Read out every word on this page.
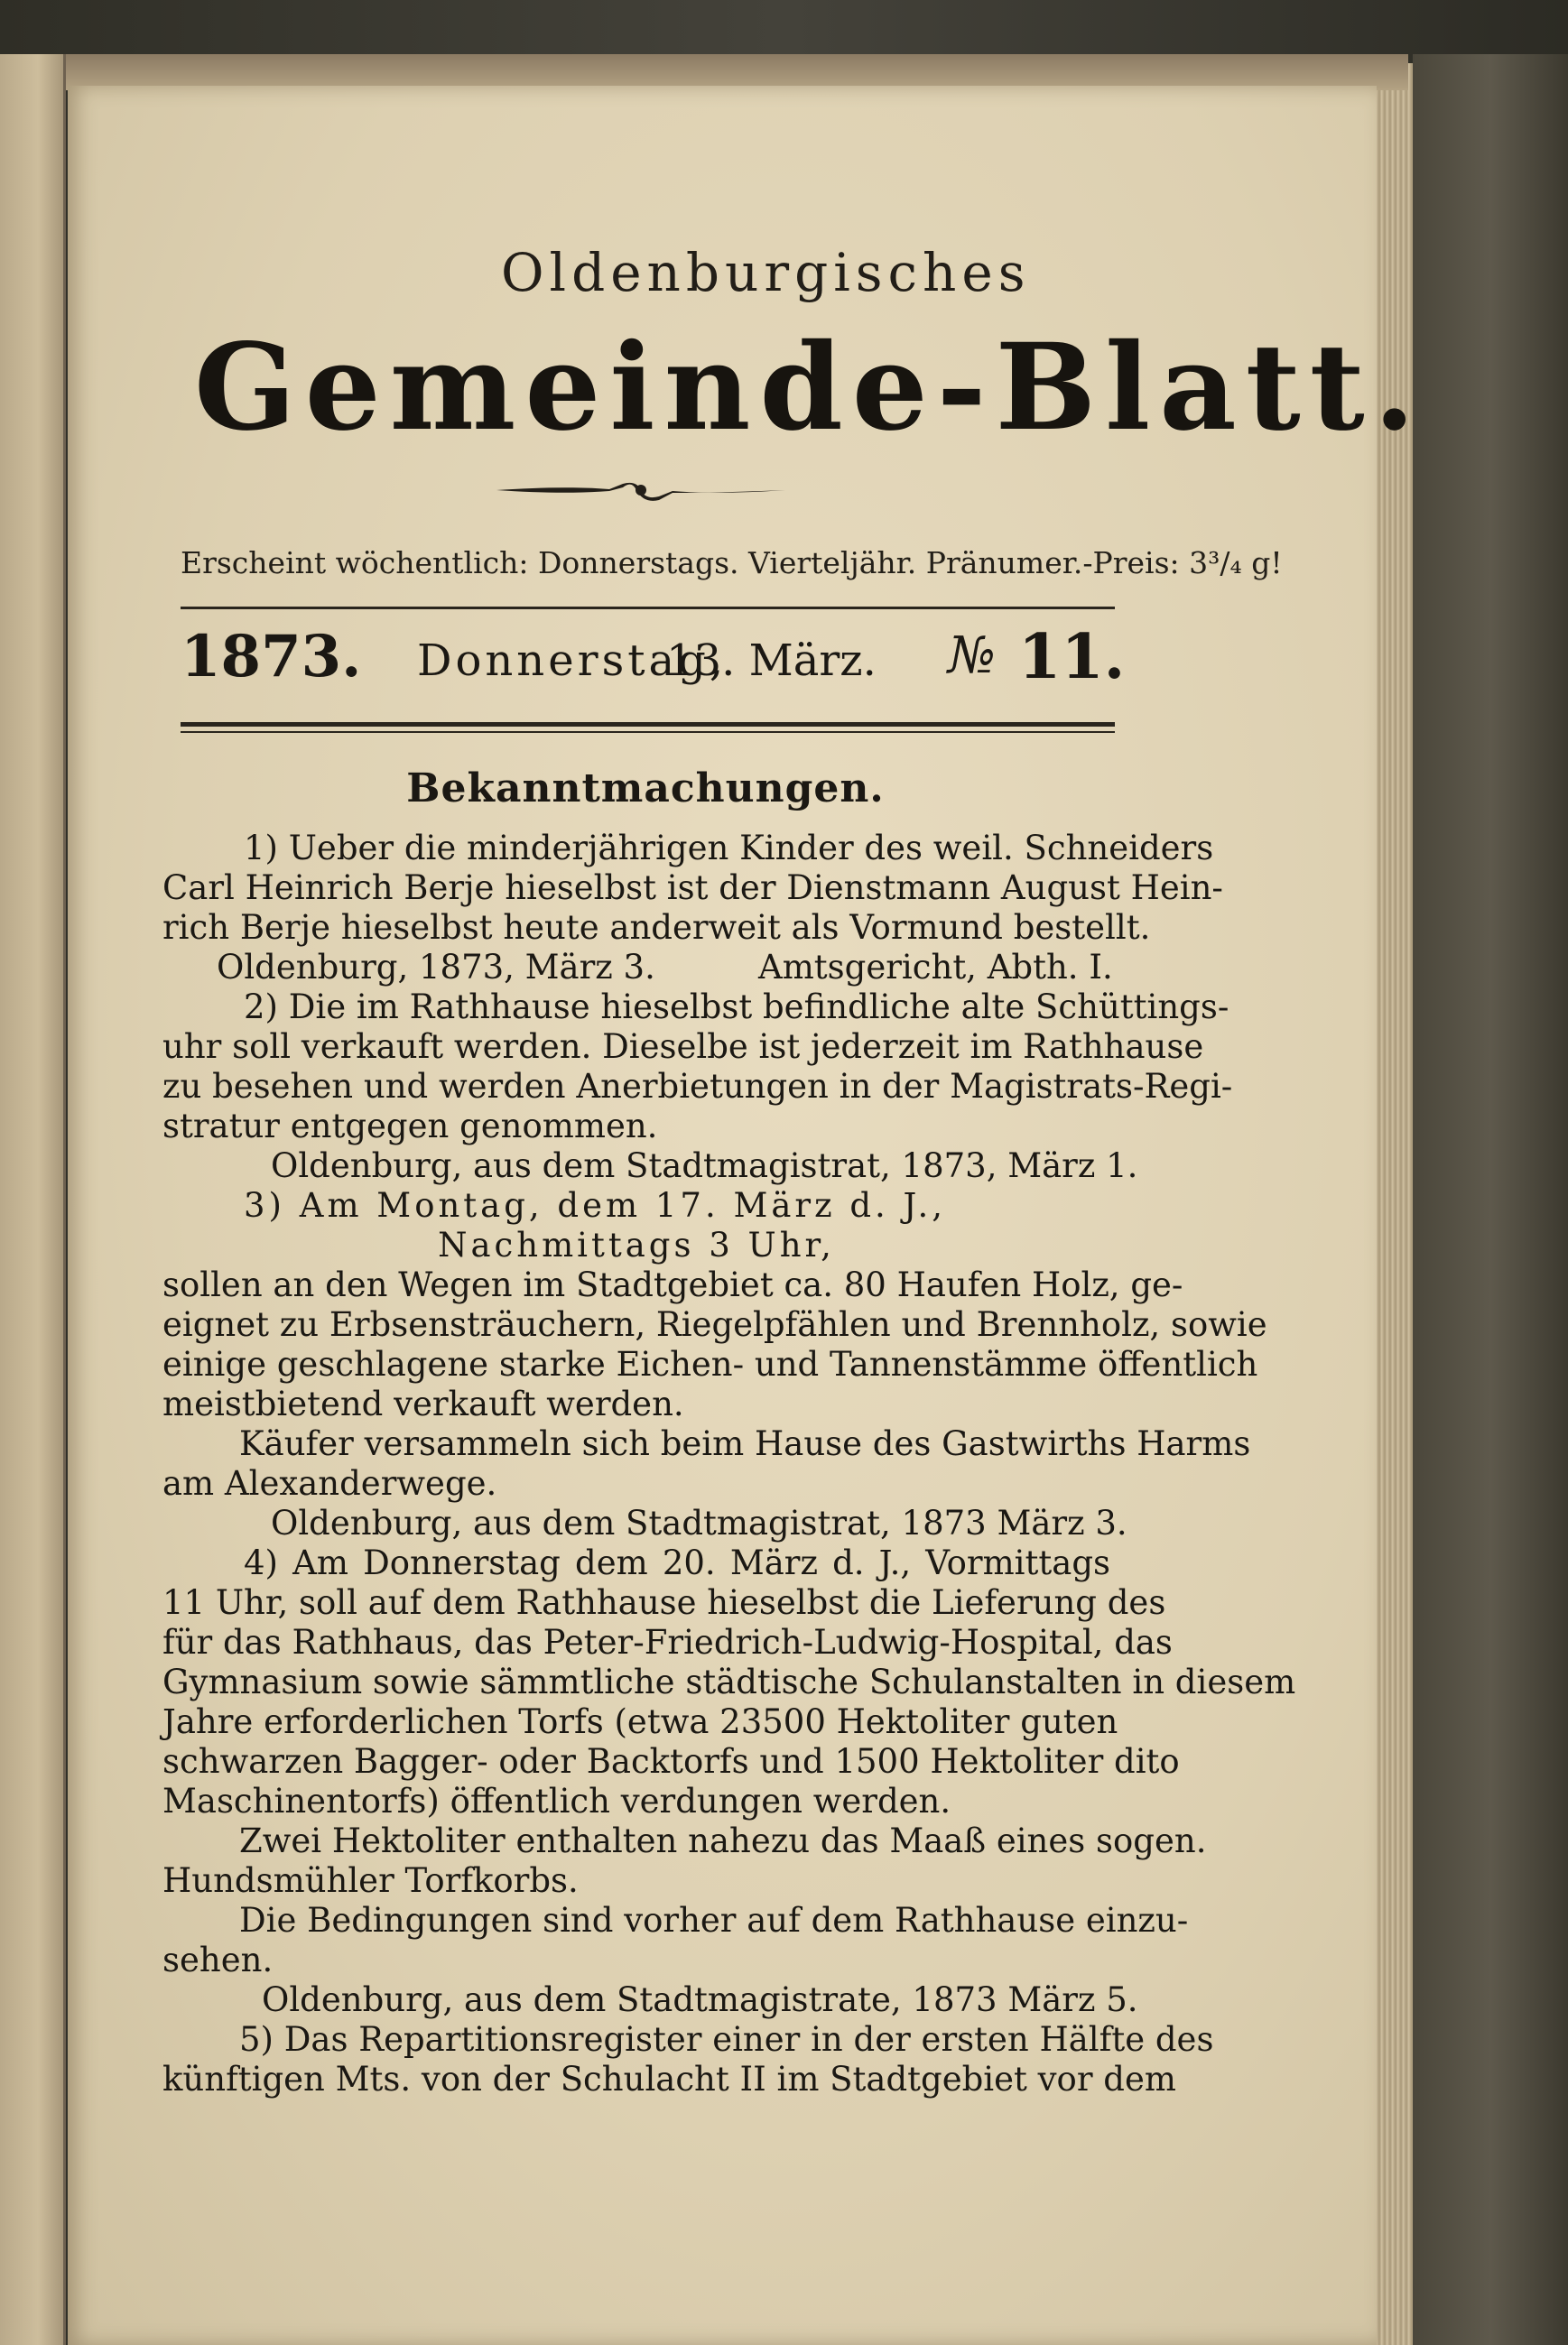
Oldenburgisches
Gemeinde-Blatt.
Erscheint wöchentlich: Donnerstags. Vierteljähr. Pränumer.-Preis: 3³/₄ g!
1873. Donnerstag,
13. März. № 11.
Bekanntmachungen.
1) Ueber die minderjährigen Kinder des weil. Schneiders
Carl Heinrich Berje hieselbst ist der Dienstmann August Hein-
rich Berje hieselbst heute anderweit als Vormund bestellt.
Oldenburg, 1873, März 3.	Amtsgericht, Abth. I.
2) Die im Rathhause hieselbst befindliche alte Schüttings-
uhr soll verkauft werden. Dieselbe ist jederzeit im Rathhause
zu besehen und werden Anerbietungen in der Magistrats-Regi-
stratur entgegen genommen.
Oldenburg, aus dem Stadtmagistrat, 1873, März 1.
3) Am Montag, dem 17. März d. J.,
Nachmittags 3 Uhr,
sollen an den Wegen im Stadtgebiet ca. 80 Haufen Holz, ge-
eignet zu Erbsensträuchern, Riegelpfählen und Brennholz, sowie
einige geschlagene starke Eichen- und Tannenstämme öffentlich
meistbietend verkauft werden.
Käufer versammeln sich beim Hause des Gastwirths Harms
am Alexanderwege.
Oldenburg, aus dem Stadtmagistrat, 1873 März 3.
4) Am Donnerstag dem 20. März d. J., Vormittags
11 Uhr, soll auf dem Rathhause hieselbst die Lieferung des
für das Rathhaus, das Peter-Friedrich-Ludwig-Hospital, das
Gymnasium sowie sämmtliche städtische Schulanstalten in diesem
Jahre erforderlichen Torfs (etwa 23500 Hektoliter guten
schwarzen Bagger- oder Backtorfs und 1500 Hektoliter dito
Maschinentorfs) öffentlich verdungen werden.
Zwei Hektoliter enthalten nahezu das Maaß eines sogen.
Hundsmühler Torfkorbs.
Die Bedingungen sind vorher auf dem Rathhause einzu-
sehen.
Oldenburg, aus dem Stadtmagistrate, 1873 März 5.
5) Das Repartitionsregister einer in der ersten Hälfte des
künftigen Mts. von der Schulacht II im Stadtgebiet vor dem
